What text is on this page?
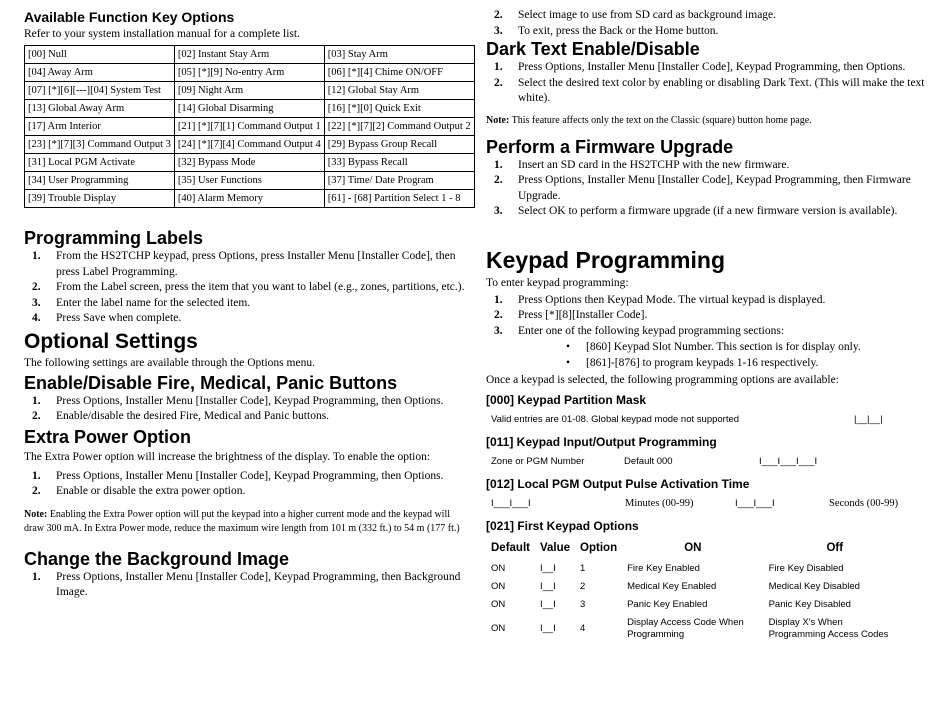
Available Function Key Options

Refer to your system installation manual for a complete list.

[00] Null	[02] Instant Stay Arm	[03] Stay Arm
[04] Away Arm	[05] [*][9] No-entry Arm	[06] [*][4] Chime ON/OFF
[07] [*][6][---][04] System Test	[09] Night Arm	[12] Global Stay Arm
[13] Global Away Arm	[14] Global Disarming	[16] [*][0] Quick Exit
[17] Arm Interior	[21] [*][7][1] Command Output 1	[22] [*][7][2] Command Output 2
[23] [*][7][3] Command Output 3	[24] [*][7][4] Command Output 4	[29] Bypass Group Recall
[31] Local PGM Activate	[32] Bypass Mode	[33] Bypass Recall
[34] User Programming	[35] User Functions	[37] Time/ Date Program
[39] Trouble Display	[40] Alarm Memory	[61] - [68] Partition Select 1 - 8
Programming Labels
1. From the HS2TCHP keypad, press Options, press Installer Menu [Installer Code], then press Label Programming.
2. From the Label screen, press the item that you want to label (e.g., zones, partitions, etc.).
3. Enter the label name for the selected item.
4. Press Save when complete.
Optional Settings

The following settings are available through the Options menu.

Enable/Disable Fire, Medical, Panic Buttons
1. Press Options, Installer Menu [Installer Code], Keypad Programming, then Options.
2. Enable/disable the desired Fire, Medical and Panic buttons.
Extra Power Option

The Extra Power option will increase the brightness of the display. To enable the option:

1. Press Options, Installer Menu [Installer Code], Keypad Programming, then Options.
2. Enable or disable the extra power option.

Note: Enabling the Extra Power option will put the keypad into a higher current mode and the keypad will draw 300 mA. In Extra Power mode, reduce the maximum wire length from 101 m (332 ft.) to 54 m (177 ft.)

Change the Background Image
1. Press Options, Installer Menu [Installer Code], Keypad Programming, then Background Image.
2. Select image to use from SD card as background image.
3. To exit, press the Back or the Home button.
Dark Text Enable/Disable
1. Press Options, Installer Menu [Installer Code], Keypad Programming, then Options.
2. Select the desired text color by enabling or disabling Dark Text. (This will make the text white).

Note: This feature affects only the text on the Classic (square) button home page.

Perform a Firmware Upgrade
1. Insert an SD card in the HS2TCHP with the new firmware.
2. Press Options, Installer Menu [Installer Code], Keypad Programming, then Firmware Upgrade.
3. Select OK to perform a firmware upgrade (if a new firmware version is available).
Keypad Programming

To enter keypad programming:

1. Press Options then Keypad Mode. The virtual keypad is displayed.
2. Press [*][8][Installer Code].
3. Enter one of the following keypad programming sections:
• [860] Keypad Slot Number. This section is for display only.
• [861]-[876] to program keypads 1-16 respectively.

Once a keypad is selected, the following programming options are available:

[000] Keypad Partition Mask
Valid entries are 01-08. Global keypad mode not supported	|__|__|
[011] Keypad Input/Output Programming
Zone or PGM Number	Default 000	I___I___I___I
[012] Local PGM Output Pulse Activation Time
I___I___I	Minutes (00-99)	I___I___I	Seconds (00-99)
[021] First Keypad Options
Default	Value	Option	ON	Off
ON	I__I	1	Fire Key Enabled	Fire Key Disabled
ON	I__I	2	Medical Key Enabled	Medical Key Disabled
ON	I__I	3	Panic Key Enabled	Panic Key Disabled
ON	I__I	4	Display Access Code When Programming	Display X's When Programming Access Codes
